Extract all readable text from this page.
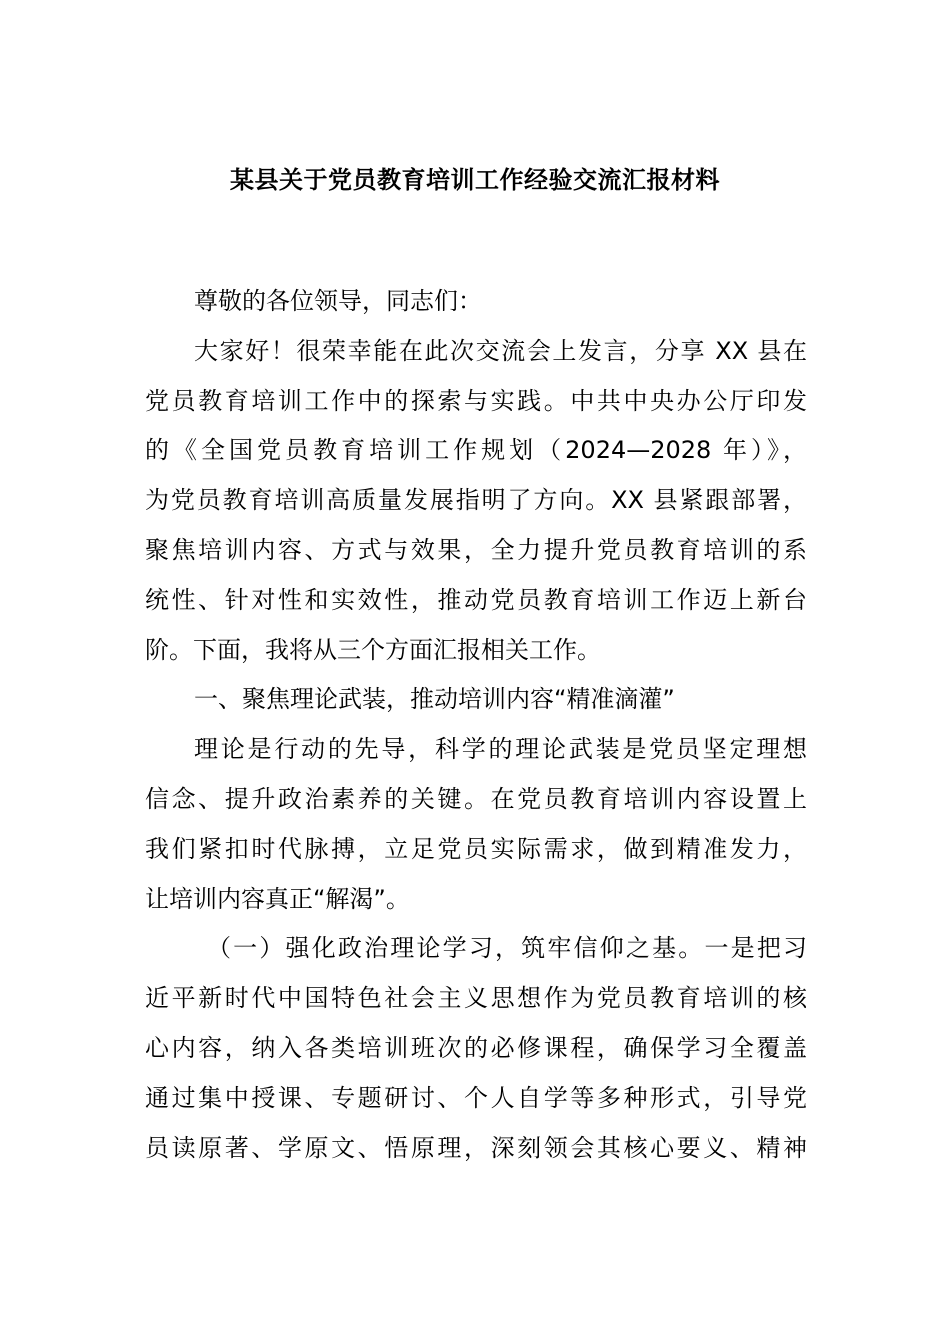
某县关于党员教育培训工作经验交流汇报材料
尊敬的各位领导，同志们：
大家好！很荣幸能在此次交流会上发言，分享 XX 县在
党员教育培训工作中的探索与实践。中共中央办公厅印发
的《全国党员教育培训工作规划（2024—2028 年）》，
为党员教育培训高质量发展指明了方向。XX 县紧跟部署，
聚焦培训内容、方式与效果，全力提升党员教育培训的系
统性、针对性和实效性，推动党员教育培训工作迈上新台
阶。下面，我将从三个方面汇报相关工作。
一、聚焦理论武装，推动培训内容“精准滴灌”
理论是行动的先导，科学的理论武装是党员坚定理想
信念、提升政治素养的关键。在党员教育培训内容设置上
我们紧扣时代脉搏，立足党员实际需求，做到精准发力，
让培训内容真正“解渴”。
（一）强化政治理论学习，筑牢信仰之基。一是把习
近平新时代中国特色社会主义思想作为党员教育培训的核
心内容，纳入各类培训班次的必修课程，确保学习全覆盖
通过集中授课、专题研讨、个人自学等多种形式，引导党
员读原著、学原文、悟原理，深刻领会其核心要义、精神
